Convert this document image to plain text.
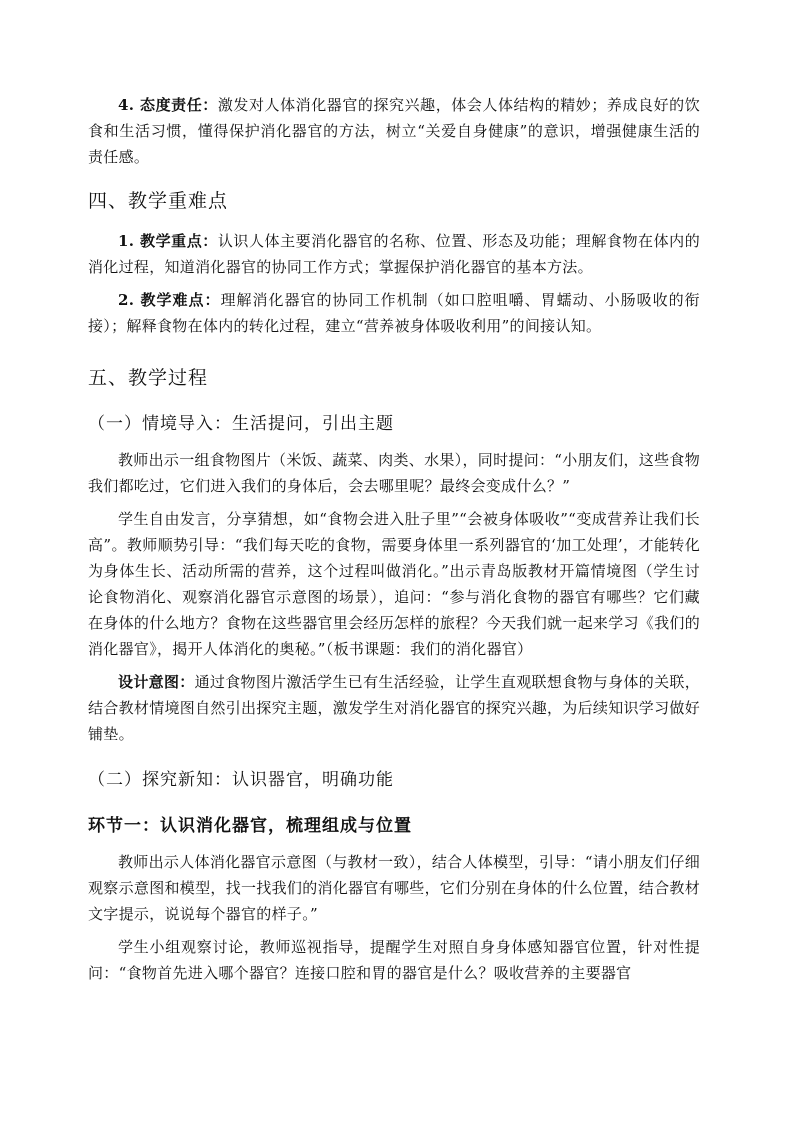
4. 态度责任：激发对人体消化器官的探究兴趣，体会人体结构的精妙；养成良好的饮食和生活习惯，懂得保护消化器官的方法，树立“关爱自身健康”的意识，增强健康生活的责任感。

四、教学重难点

1. 教学重点：认识人体主要消化器官的名称、位置、形态及功能；理解食物在体内的消化过程，知道消化器官的协同工作方式；掌握保护消化器官的基本方法。

2. 教学难点：理解消化器官的协同工作机制（如口腔咀嚼、胃蠕动、小肠吸收的衔接）；解释食物在体内的转化过程，建立“营养被身体吸收利用”的间接认知。

五、教学过程
（一）情境导入：生活提问，引出主题

教师出示一组食物图片（米饭、蔬菜、肉类、水果），同时提问：“小朋友们，这些食物我们都吃过，它们进入我们的身体后，会去哪里呢？最终会变成什么？”

学生自由发言，分享猜想，如“食物会进入肚子里”“会被身体吸收”“变成营养让我们长高”。教师顺势引导：“我们每天吃的食物，需要身体里一系列器官的‘加工处理’，才能转化为身体生长、活动所需的营养，这个过程叫做消化。”出示青岛版教材开篇情境图（学生讨论食物消化、观察消化器官示意图的场景），追问：“参与消化食物的器官有哪些？它们藏在身体的什么地方？食物在这些器官里会经历怎样的旅程？今天我们就一起来学习《我们的消化器官》，揭开人体消化的奥秘。”（板书课题：我们的消化器官）

设计意图：通过食物图片激活学生已有生活经验，让学生直观联想食物与身体的关联，结合教材情境图自然引出探究主题，激发学生对消化器官的探究兴趣，为后续知识学习做好铺垫。

（二）探究新知：认识器官，明确功能
环节一：认识消化器官，梳理组成与位置

教师出示人体消化器官示意图（与教材一致），结合人体模型，引导：“请小朋友们仔细观察示意图和模型，找一找我们的消化器官有哪些，它们分别在身体的什么位置，结合教材文字提示，说说每个器官的样子。”

学生小组观察讨论，教师巡视指导，提醒学生对照自身身体感知器官位置，针对性提问：“食物首先进入哪个器官？连接口腔和胃的器官是什么？吸收营养的主要器官
